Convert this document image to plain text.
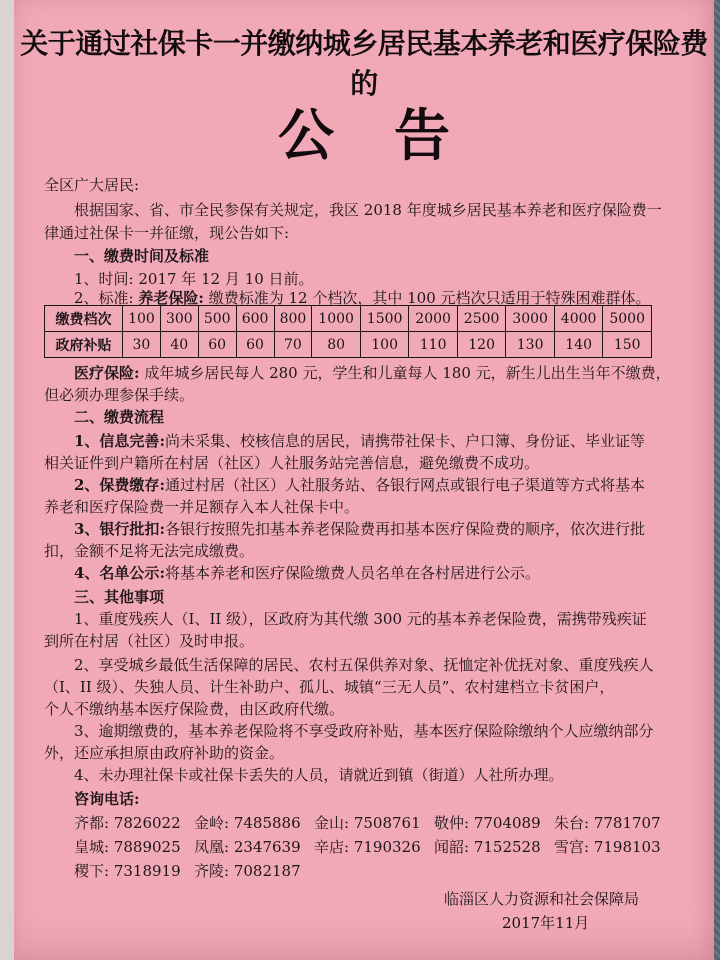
关于通过社保卡一并缴纳城乡居民基本养老和医疗保险费的
公告
全区广大居民:
根据国家、省、市全民参保有关规定，我区 2018 年度城乡居民基本养老和医疗保险费一
律通过社保卡一并征缴，现公告如下:
一、缴费时间及标准
1、时间: 2017 年 12 月 10 日前。
2、标准: 养老保险: 缴费标准为 12 个档次，其中 100 元档次只适用于特殊困难群体。
缴费档次	100	300	500	600	800	1000	1500	2000	2500	3000	4000	5000
政府补贴	30	40	60	60	70	80	100	110	120	130	140	150
医疗保险: 成年城乡居民每人 280 元，学生和儿童每人 180 元，新生儿出生当年不缴费，
但必须办理参保手续。
二、缴费流程
1、信息完善:尚未采集、校核信息的居民，请携带社保卡、户口簿、身份证、毕业证等
相关证件到户籍所在村居（社区）人社服务站完善信息，避免缴费不成功。
2、保费缴存:通过村居（社区）人社服务站、各银行网点或银行电子渠道等方式将基本
养老和医疗保险费一并足额存入本人社保卡中。
3、银行批扣:各银行按照先扣基本养老保险费再扣基本医疗保险费的顺序，依次进行批
扣，金额不足将无法完成缴费。
4、名单公示:将基本养老和医疗保险缴费人员名单在各村居进行公示。
三、其他事项
1、重度残疾人（I、II 级），区政府为其代缴 300 元的基本养老保险费，需携带残疾证
到所在村居（社区）及时申报。
2、享受城乡最低生活保障的居民、农村五保供养对象、抚恤定补优抚对象、重度残疾人
（I、II 级）、失独人员、计生补助户、孤儿、城镇“三无人员”、农村建档立卡贫困户，
个人不缴纳基本医疗保险费，由区政府代缴。
3、逾期缴费的，基本养老保险将不享受政府补贴，基本医疗保险除缴纳个人应缴纳部分
外，还应承担原由政府补助的资金。
4、未办理社保卡或社保卡丢失的人员，请就近到镇（街道）人社所办理。
咨询电话:
齐都: 7826022 金岭: 7485886 金山: 7508761 敬仲: 7704089 朱台: 7781707
皇城: 7889025 凤凰: 2347639 辛店: 7190326 闻韶: 7152528 雪宫: 7198103
稷下: 7318919 齐陵: 7082187
临淄区人力资源和社会保障局
2017年11月
